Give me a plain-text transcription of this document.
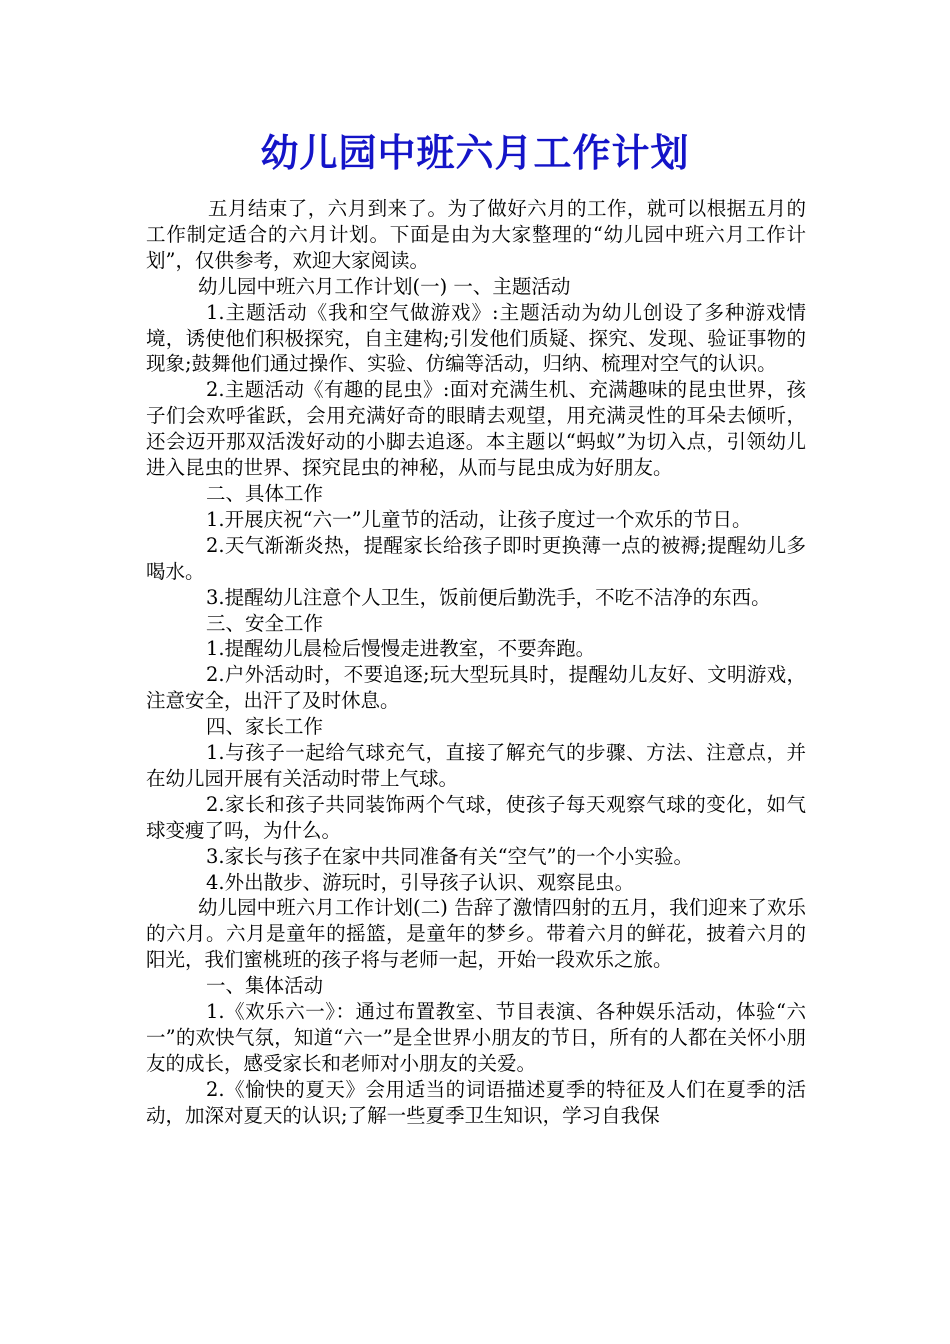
幼儿园中班六月工作计划

五月结束了，六月到来了。为了做好六月的工作，就可以根据五月的工作制定适合的六月计划。下面是由为大家整理的“幼儿园中班六月工作计划”，仅供参考，欢迎大家阅读。

幼儿园中班六月工作计划(一) 一、主题活动

1.主题活动《我和空气做游戏》:主题活动为幼儿创设了多种游戏情境，诱使他们积极探究，自主建构;引发他们质疑、探究、发现、验证事物的现象;鼓舞他们通过操作、实验、仿编等活动，归纳、梳理对空气的认识。

2.主题活动《有趣的昆虫》:面对充满生机、充满趣味的昆虫世界，孩子们会欢呼雀跃，会用充满好奇的眼睛去观望，用充满灵性的耳朵去倾听，还会迈开那双活泼好动的小脚去追逐。本主题以“蚂蚁”为切入点，引领幼儿进入昆虫的世界、探究昆虫的神秘，从而与昆虫成为好朋友。

二、具体工作

1.开展庆祝“六一”儿童节的活动，让孩子度过一个欢乐的节日。

2.天气渐渐炎热，提醒家长给孩子即时更换薄一点的被褥;提醒幼儿多喝水。

3.提醒幼儿注意个人卫生，饭前便后勤洗手，不吃不洁净的东西。

三、安全工作

1.提醒幼儿晨检后慢慢走进教室，不要奔跑。

2.户外活动时，不要追逐;玩大型玩具时，提醒幼儿友好、文明游戏，注意安全，出汗了及时休息。

四、家长工作

1.与孩子一起给气球充气，直接了解充气的步骤、方法、注意点，并在幼儿园开展有关活动时带上气球。

2.家长和孩子共同装饰两个气球，使孩子每天观察气球的变化，如气球变瘦了吗，为什么。

3.家长与孩子在家中共同准备有关“空气”的一个小实验。

4.外出散步、游玩时，引导孩子认识、观察昆虫。

幼儿园中班六月工作计划(二) 告辞了激情四射的五月，我们迎来了欢乐的六月。六月是童年的摇篮，是童年的梦乡。带着六月的鲜花，披着六月的阳光，我们蜜桃班的孩子将与老师一起，开始一段欢乐之旅。

一、集体活动

1.《欢乐六一》：通过布置教室、节目表演、各种娱乐活动，体验“六一”的欢快气氛，知道“六一”是全世界小朋友的节日，所有的人都在关怀小朋友的成长，感受家长和老师对小朋友的关爱。

2.《愉快的夏天》会用适当的词语描述夏季的特征及人们在夏季的活动，加深对夏天的认识;了解一些夏季卫生知识，学习自我保
